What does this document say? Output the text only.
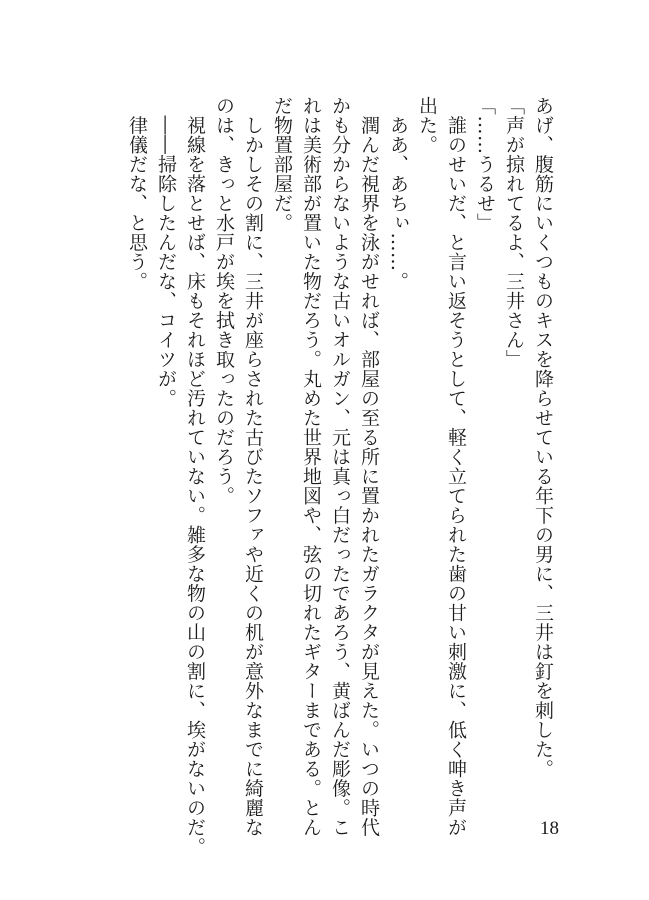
あげ、腹筋にいくつものキスを降らせている年下の男に、三井は釘を刺した。
「声が掠れてるよ、三井さん」
「……うるせ」
　誰のせいだ、と言い返そうとして、軽く立てられた歯の甘い刺激に、低く呻き声が
出た。
　ああ、あちぃ……。
　潤んだ視界を泳がせれば、部屋の至る所に置かれたガラクタが見えた。いつの時代
かも分からないような古いオルガン、元は真っ白だったであろう、黄ばんだ彫像。こ
れは美術部が置いた物だろう。丸めた世界地図や、弦の切れたギターまである。とん
だ物置部屋だ。
　しかしその割に、三井が座らされた古びたソファや近くの机が意外なまでに綺麗な
のは、きっと水戸が埃を拭き取ったのだろう。
　視線を落とせば、床もそれほど汚れていない。雑多な物の山の割に、埃がないのだ。
　――掃除したんだな、コイツが。
　律儀だな、と思う。
18
